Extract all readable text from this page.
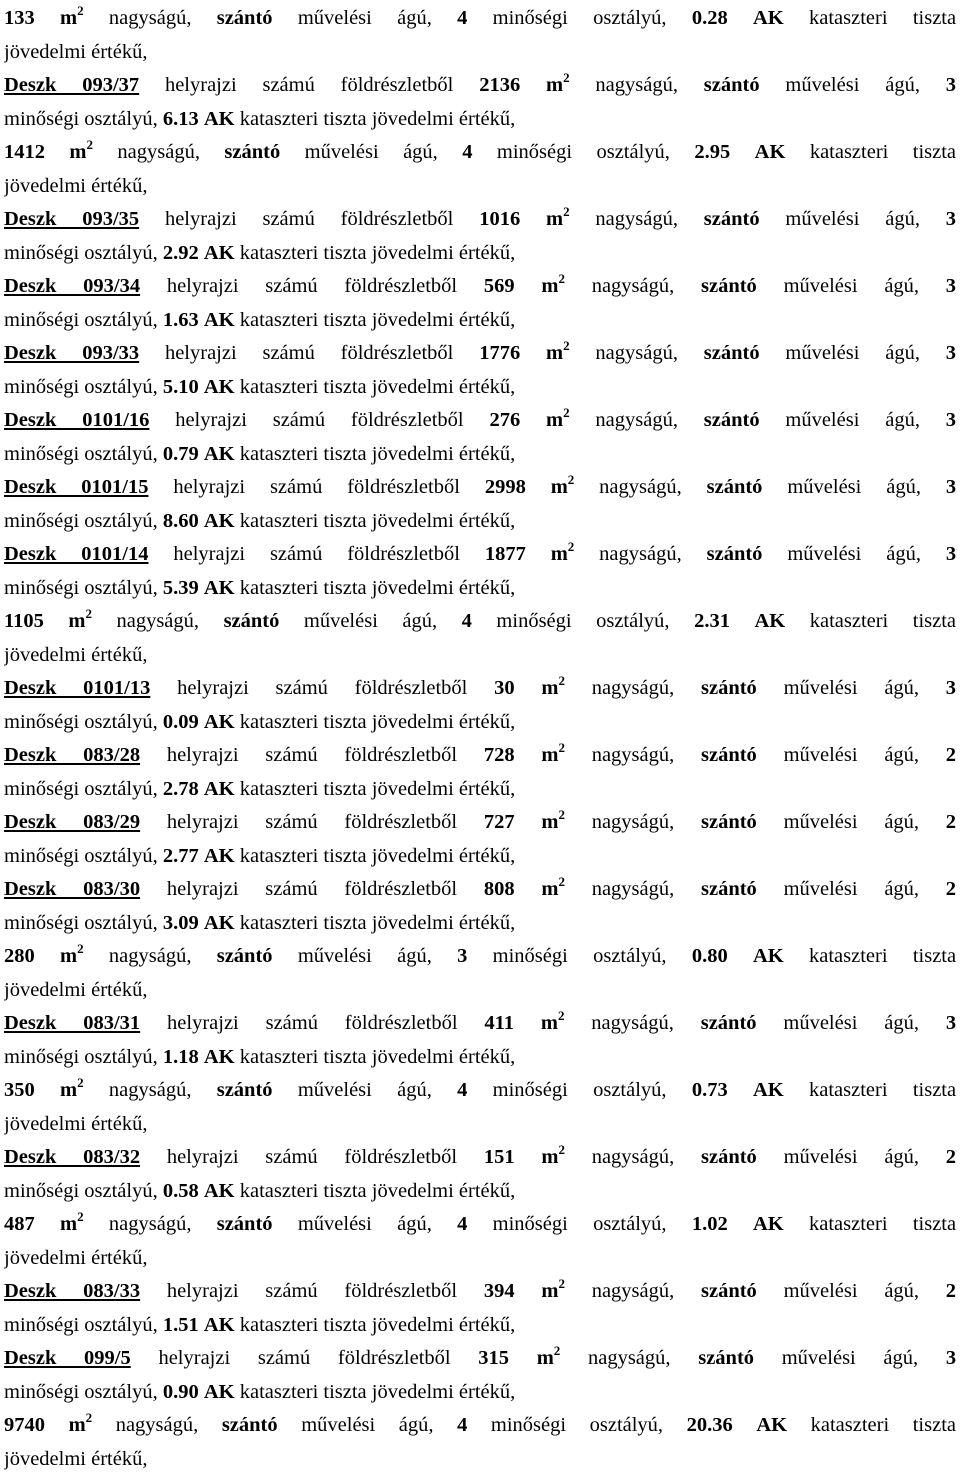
133 $m^2$ nagyságú, szántó művelési ágú, 4 minőségi osztályú, 0.28 AK kataszteri tiszta
jövedelmi értékű,
Deszk 093/37 helyrajzi számú földrészletből 2136 $m^2$ nagyságú, szántó művelési ágú, 3
minőségi osztályú, 6.13 AK kataszteri tiszta jövedelmi értékű,
1412 $m^2$ nagyságú, szántó művelési ágú, 4 minőségi osztályú, 2.95 AK kataszteri tiszta
jövedelmi értékű,
Deszk 093/35 helyrajzi számú földrészletből 1016 $m^2$ nagyságú, szántó művelési ágú, 3
minőségi osztályú, 2.92 AK kataszteri tiszta jövedelmi értékű,
Deszk 093/34 helyrajzi számú földrészletből 569 $m^2$ nagyságú, szántó művelési ágú, 3
minőségi osztályú, 1.63 AK kataszteri tiszta jövedelmi értékű,
Deszk 093/33 helyrajzi számú földrészletből 1776 $m^2$ nagyságú, szántó művelési ágú, 3
minőségi osztályú, 5.10 AK kataszteri tiszta jövedelmi értékű,
Deszk 0101/16 helyrajzi számú földrészletből 276 $m^2$ nagyságú, szántó művelési ágú, 3
minőségi osztályú, 0.79 AK kataszteri tiszta jövedelmi értékű,
Deszk 0101/15 helyrajzi számú földrészletből 2998 $m^2$ nagyságú, szántó művelési ágú, 3
minőségi osztályú, 8.60 AK kataszteri tiszta jövedelmi értékű,
Deszk 0101/14 helyrajzi számú földrészletből 1877 $m^2$ nagyságú, szántó művelési ágú, 3
minőségi osztályú, 5.39 AK kataszteri tiszta jövedelmi értékű,
1105 $m^2$ nagyságú, szántó művelési ágú, 4 minőségi osztályú, 2.31 AK kataszteri tiszta
jövedelmi értékű,
Deszk 0101/13 helyrajzi számú földrészletből 30 $m^2$ nagyságú, szántó művelési ágú, 3
minőségi osztályú, 0.09 AK kataszteri tiszta jövedelmi értékű,
Deszk 083/28 helyrajzi számú földrészletből 728 $m^2$ nagyságú, szántó művelési ágú, 2
minőségi osztályú, 2.78 AK kataszteri tiszta jövedelmi értékű,
Deszk 083/29 helyrajzi számú földrészletből 727 $m^2$ nagyságú, szántó művelési ágú, 2
minőségi osztályú, 2.77 AK kataszteri tiszta jövedelmi értékű,
Deszk 083/30 helyrajzi számú földrészletből 808 $m^2$ nagyságú, szántó művelési ágú, 2
minőségi osztályú, 3.09 AK kataszteri tiszta jövedelmi értékű,
280 $m^2$ nagyságú, szántó művelési ágú, 3 minőségi osztályú, 0.80 AK kataszteri tiszta
jövedelmi értékű,
Deszk 083/31 helyrajzi számú földrészletből 411 $m^2$ nagyságú, szántó művelési ágú, 3
minőségi osztályú, 1.18 AK kataszteri tiszta jövedelmi értékű,
350 $m^2$ nagyságú, szántó művelési ágú, 4 minőségi osztályú, 0.73 AK kataszteri tiszta
jövedelmi értékű,
Deszk 083/32 helyrajzi számú földrészletből 151 $m^2$ nagyságú, szántó művelési ágú, 2
minőségi osztályú, 0.58 AK kataszteri tiszta jövedelmi értékű,
487 $m^2$ nagyságú, szántó művelési ágú, 4 minőségi osztályú, 1.02 AK kataszteri tiszta
jövedelmi értékű,
Deszk 083/33 helyrajzi számú földrészletből 394 $m^2$ nagyságú, szántó művelési ágú, 2
minőségi osztályú, 1.51 AK kataszteri tiszta jövedelmi értékű,
Deszk 099/5 helyrajzi számú földrészletből 315 $m^2$ nagyságú, szántó művelési ágú, 3
minőségi osztályú, 0.90 AK kataszteri tiszta jövedelmi értékű,
9740 $m^2$ nagyságú, szántó művelési ágú, 4 minőségi osztályú, 20.36 AK kataszteri tiszta
jövedelmi értékű,
